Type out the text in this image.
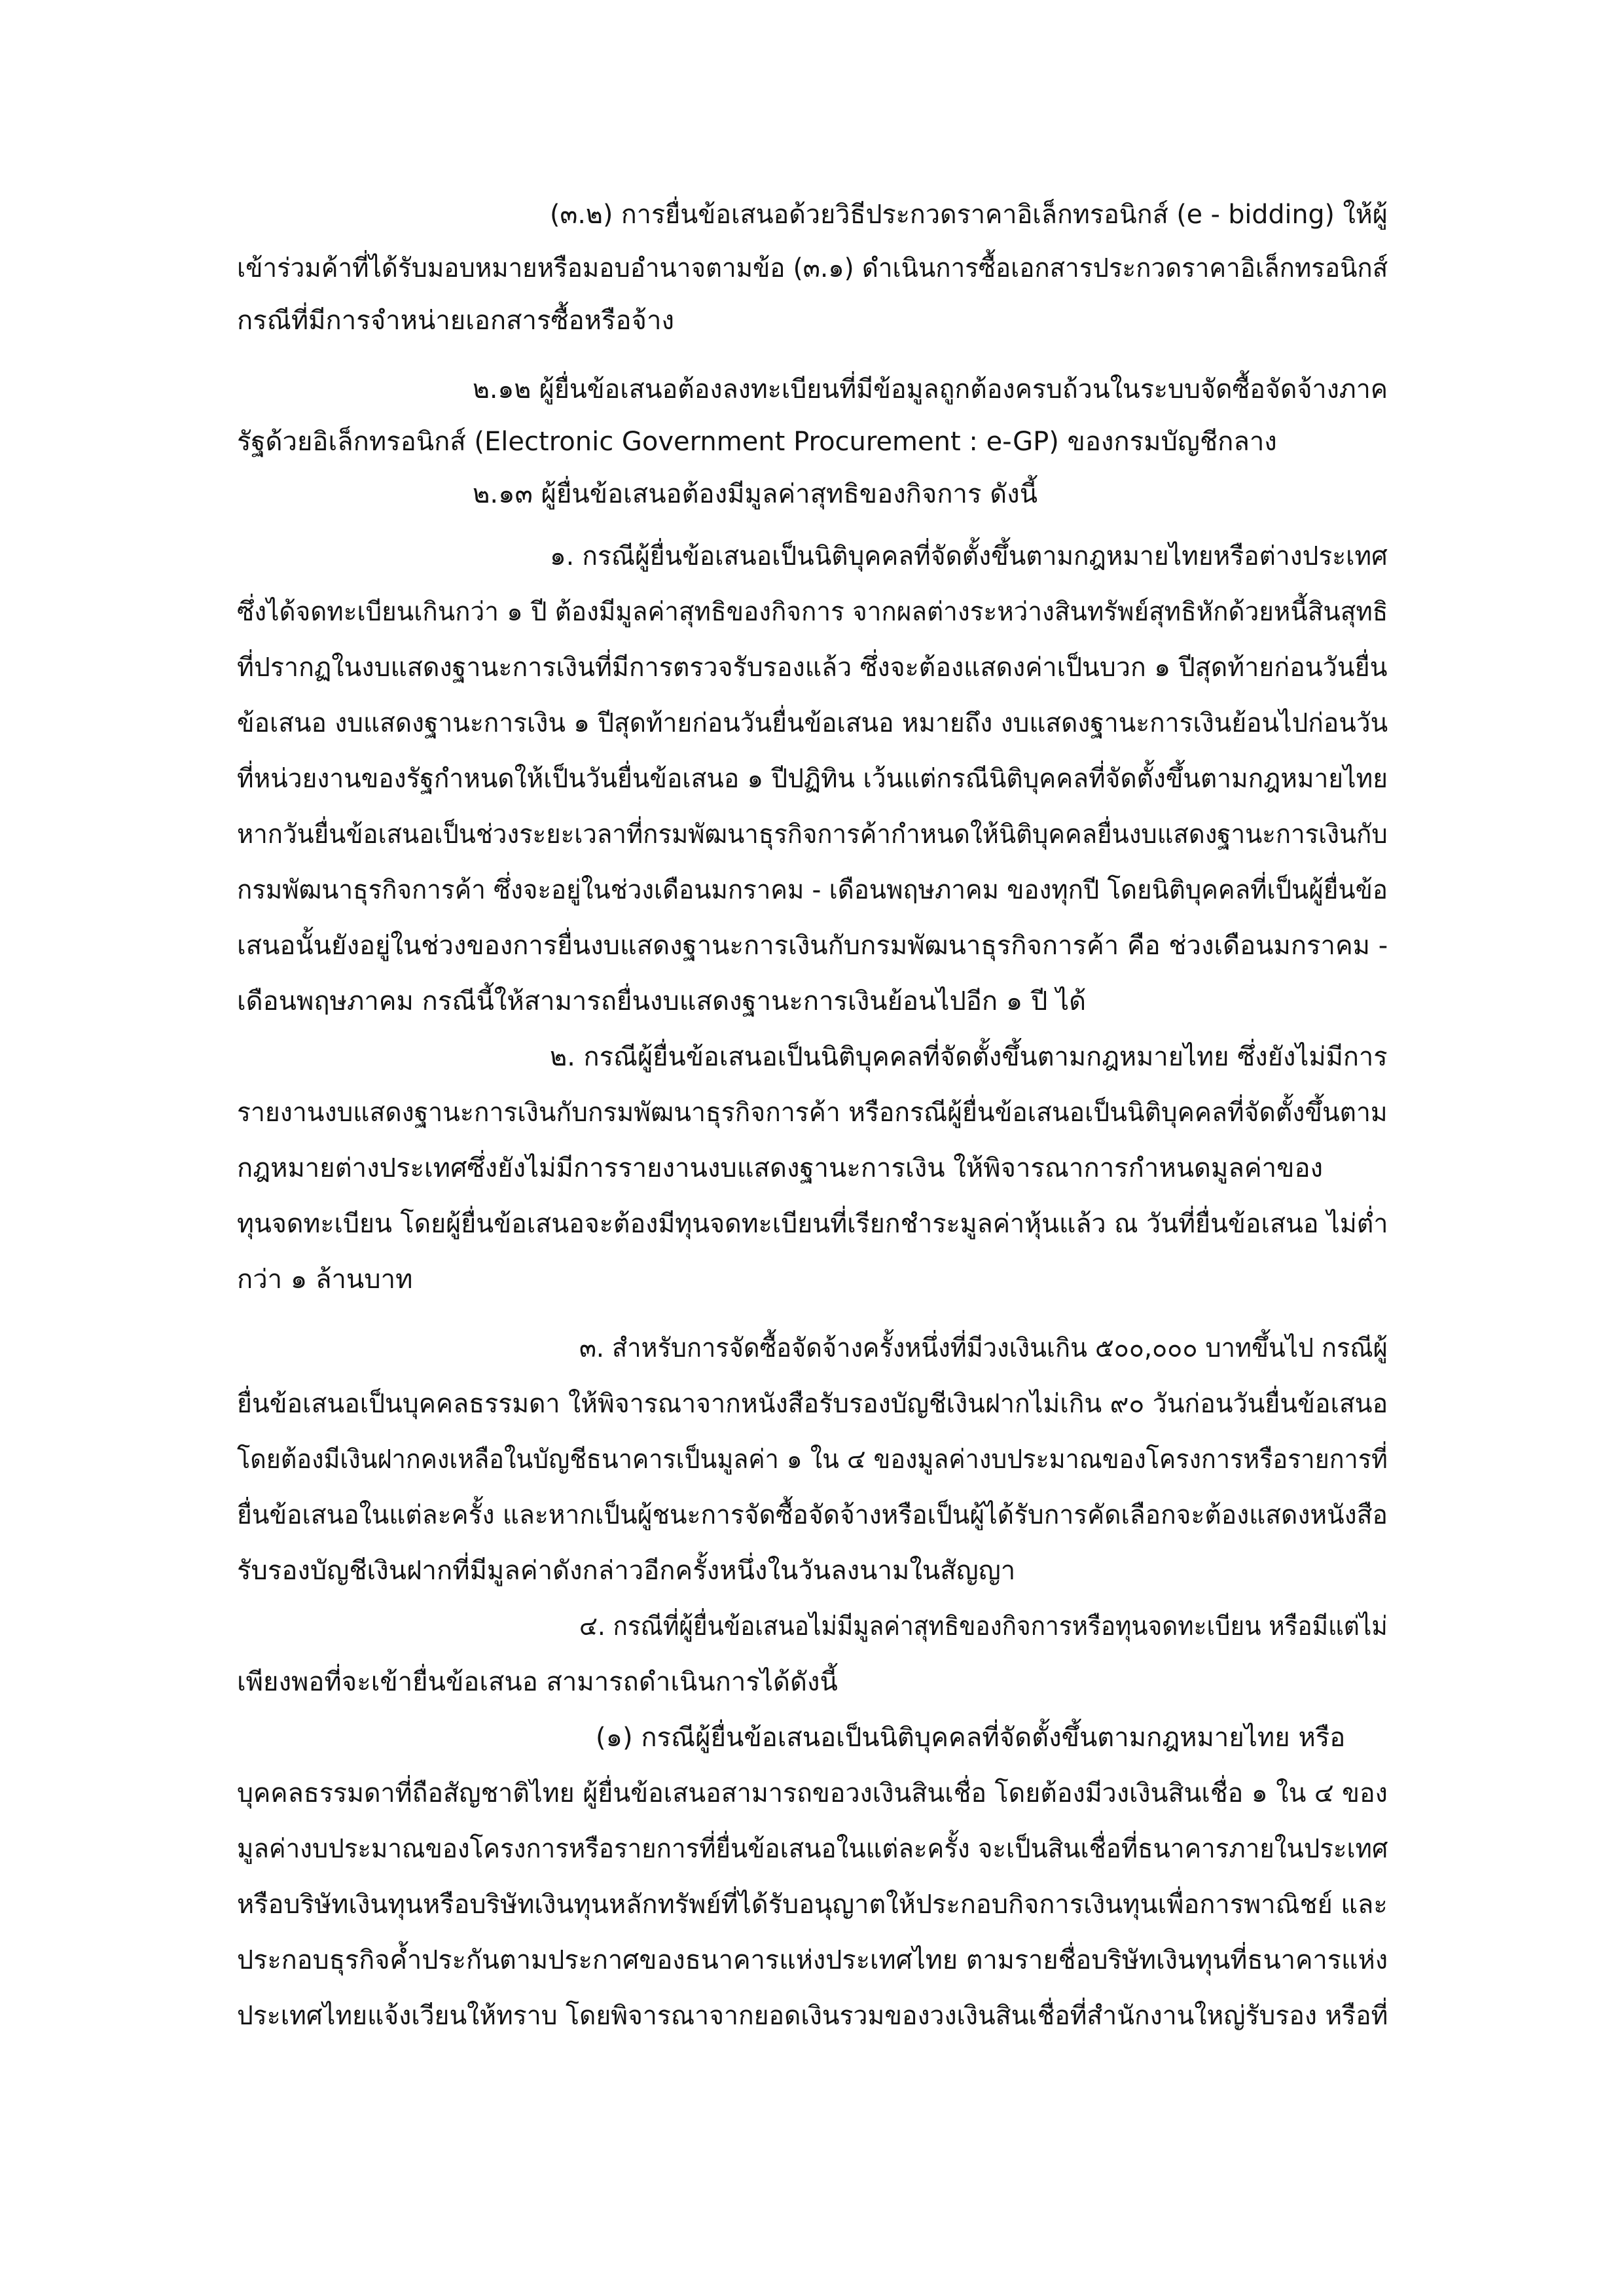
(๓.๒) การยื่นข้อเสนอด้วยวิธีประกวดราคาอิเล็กทรอนิกส์ (e - bidding) ให้ผู้

เข้าร่วมค้าที่ได้รับมอบหมายหรือมอบอำนาจตามข้อ (๓.๑) ดำเนินการซื้อเอกสารประกวดราคาอิเล็กทรอนิกส์

กรณีที่มีการจำหน่ายเอกสารซื้อหรือจ้าง

๒.๑๒ ผู้ยื่นข้อเสนอต้องลงทะเบียนที่มีข้อมูลถูกต้องครบถ้วนในระบบจัดซื้อจัดจ้างภาค

รัฐด้วยอิเล็กทรอนิกส์ (Electronic Government Procurement : e-GP) ของกรมบัญชีกลาง

๒.๑๓ ผู้ยื่นข้อเสนอต้องมีมูลค่าสุทธิของกิจการ ดังนี้

๑. กรณีผู้ยื่นข้อเสนอเป็นนิติบุคคลที่จัดตั้งขึ้นตามกฎหมายไทยหรือต่างประเทศ

ซึ่งได้จดทะเบียนเกินกว่า ๑ ปี ต้องมีมูลค่าสุทธิของกิจการ จากผลต่างระหว่างสินทรัพย์สุทธิหักด้วยหนี้สินสุทธิ

ที่ปรากฏในงบแสดงฐานะการเงินที่มีการตรวจรับรองแล้ว ซึ่งจะต้องแสดงค่าเป็นบวก ๑ ปีสุดท้ายก่อนวันยื่น

ข้อเสนอ งบแสดงฐานะการเงิน ๑ ปีสุดท้ายก่อนวันยื่นข้อเสนอ หมายถึง งบแสดงฐานะการเงินย้อนไปก่อนวัน

ที่หน่วยงานของรัฐกำหนดให้เป็นวันยื่นข้อเสนอ ๑ ปีปฏิทิน เว้นแต่กรณีนิติบุคคลที่จัดตั้งขึ้นตามกฎหมายไทย

หากวันยื่นข้อเสนอเป็นช่วงระยะเวลาที่กรมพัฒนาธุรกิจการค้ากำหนดให้นิติบุคคลยื่นงบแสดงฐานะการเงินกับ

กรมพัฒนาธุรกิจการค้า ซึ่งจะอยู่ในช่วงเดือนมกราคม - เดือนพฤษภาคม ของทุกปี โดยนิติบุคคลที่เป็นผู้ยื่นข้อ

เสนอนั้นยังอยู่ในช่วงของการยื่นงบแสดงฐานะการเงินกับกรมพัฒนาธุรกิจการค้า คือ ช่วงเดือนมกราคม -

เดือนพฤษภาคม กรณีนี้ให้สามารถยื่นงบแสดงฐานะการเงินย้อนไปอีก ๑ ปี ได้

๒. กรณีผู้ยื่นข้อเสนอเป็นนิติบุคคลที่จัดตั้งขึ้นตามกฎหมายไทย ซึ่งยังไม่มีการ

รายงานงบแสดงฐานะการเงินกับกรมพัฒนาธุรกิจการค้า หรือกรณีผู้ยื่นข้อเสนอเป็นนิติบุคคลที่จัดตั้งขึ้นตาม

กฎหมายต่างประเทศซึ่งยังไม่มีการรายงานงบแสดงฐานะการเงิน ให้พิจารณาการกำหนดมูลค่าของ

ทุนจดทะเบียน โดยผู้ยื่นข้อเสนอจะต้องมีทุนจดทะเบียนที่เรียกชำระมูลค่าหุ้นแล้ว ณ วันที่ยื่นข้อเสนอ ไม่ต่ำ

กว่า ๑ ล้านบาท

๓. สำหรับการจัดซื้อจัดจ้างครั้งหนึ่งที่มีวงเงินเกิน ๕๐๐,๐๐๐ บาทขึ้นไป กรณีผู้

ยื่นข้อเสนอเป็นบุคคลธรรมดา ให้พิจารณาจากหนังสือรับรองบัญชีเงินฝากไม่เกิน ๙๐ วันก่อนวันยื่นข้อเสนอ

โดยต้องมีเงินฝากคงเหลือในบัญชีธนาคารเป็นมูลค่า ๑ ใน ๔ ของมูลค่างบประมาณของโครงการหรือรายการที่

ยื่นข้อเสนอในแต่ละครั้ง และหากเป็นผู้ชนะการจัดซื้อจัดจ้างหรือเป็นผู้ได้รับการคัดเลือกจะต้องแสดงหนังสือ

รับรองบัญชีเงินฝากที่มีมูลค่าดังกล่าวอีกครั้งหนึ่งในวันลงนามในสัญญา

๔. กรณีที่ผู้ยื่นข้อเสนอไม่มีมูลค่าสุทธิของกิจการหรือทุนจดทะเบียน หรือมีแต่ไม่

เพียงพอที่จะเข้ายื่นข้อเสนอ สามารถดำเนินการได้ดังนี้

(๑) กรณีผู้ยื่นข้อเสนอเป็นนิติบุคคลที่จัดตั้งขึ้นตามกฎหมายไทย หรือ

บุคคลธรรมดาที่ถือสัญชาติไทย ผู้ยื่นข้อเสนอสามารถขอวงเงินสินเชื่อ โดยต้องมีวงเงินสินเชื่อ ๑ ใน ๔ ของ

มูลค่างบประมาณของโครงการหรือรายการที่ยื่นข้อเสนอในแต่ละครั้ง จะเป็นสินเชื่อที่ธนาคารภายในประเทศ

หรือบริษัทเงินทุนหรือบริษัทเงินทุนหลักทรัพย์ที่ได้รับอนุญาตให้ประกอบกิจการเงินทุนเพื่อการพาณิชย์ และ

ประกอบธุรกิจค้ำประกันตามประกาศของธนาคารแห่งประเทศไทย ตามรายชื่อบริษัทเงินทุนที่ธนาคารแห่ง

ประเทศไทยแจ้งเวียนให้ทราบ โดยพิจารณาจากยอดเงินรวมของวงเงินสินเชื่อที่สำนักงานใหญ่รับรอง หรือที่
